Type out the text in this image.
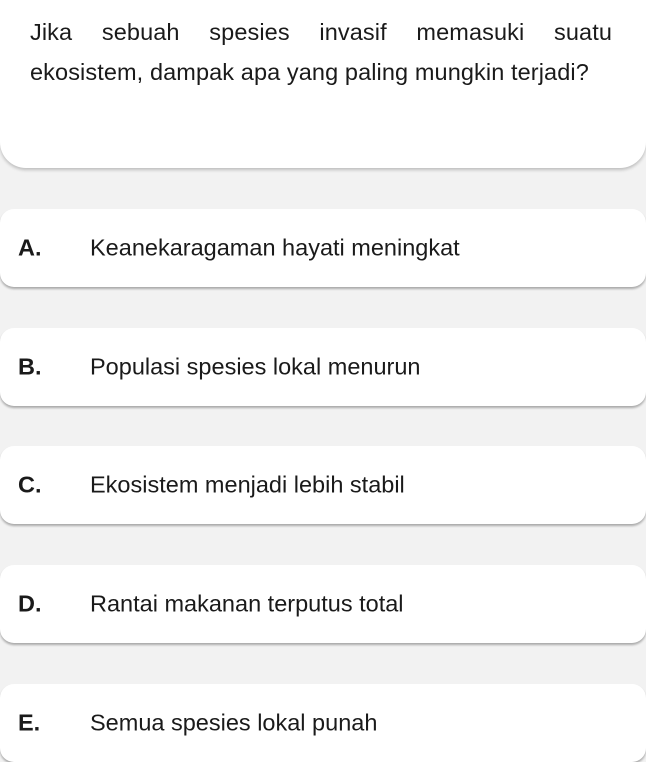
Jika sebuah spesies invasif memasuki suatu ekosistem, dampak apa yang paling mungkin terjadi?

A. Keanekaragaman hayati meningkat
B. Populasi spesies lokal menurun
C. Ekosistem menjadi lebih stabil
D. Rantai makanan terputus total
E. Semua spesies lokal punah
